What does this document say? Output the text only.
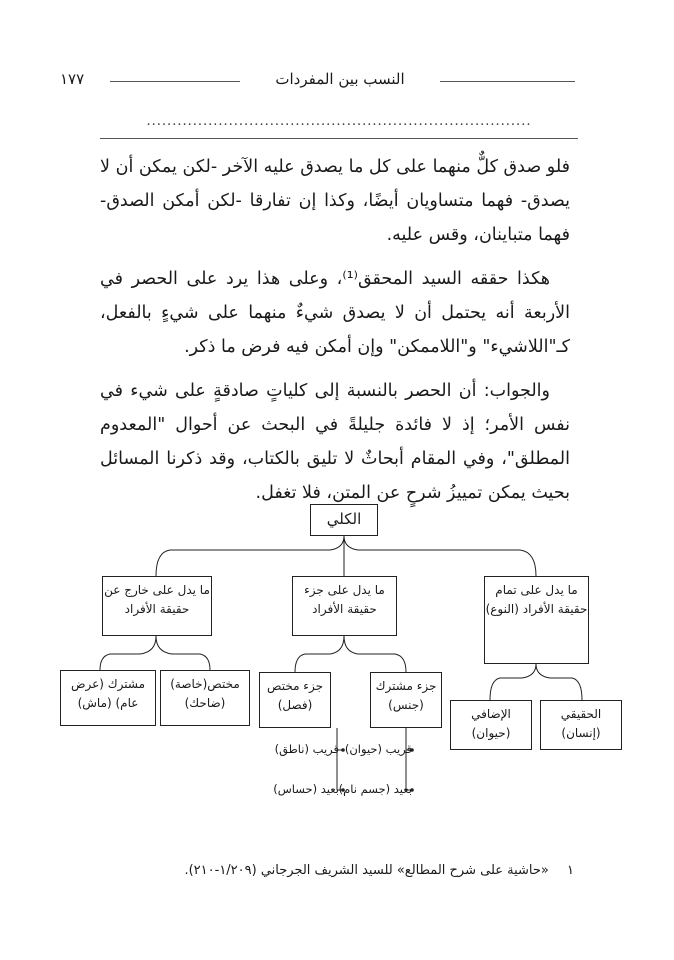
١٧٧	النسب بين المفردات
...........................................................................

فلو صدق كلٌّ منهما على كل ما يصدق عليه الآخر -لكن يمكن أن لا يصدق- فهما متساويان أيضًا، وكذا إن تفارقا -لكن أمكن الصدق- فهما متباينان، وقس عليه.

هكذا حققه السيد المحقق⁽¹⁾، وعلى هذا يرد على الحصر في الأربعة أنه يحتمل أن لا يصدق شيءٌ منهما على شيءٍ بالفعل، كـ"اللاشيء" و"اللاممكن" وإن أمكن فيه فرض ما ذكر.

والجواب: أن الحصر بالنسبة إلى كلياتٍ صادقةٍ على شيء في نفس الأمر؛ إذ لا فائدة جليلةً في البحث عن أحوال "المعدوم المطلق"، وفي المقام أبحاثٌ لا تليق بالكتاب، وقد ذكرنا المسائل بحيث يمكن تمييزُ شرحٍ عن المتن، فلا تغفل.

الكلي
ما يدل على تمام حقيقة الأفراد (النوع)
ما يدل على جزء حقيقة الأفراد
ما يدل على خارج عن حقيقة الأفراد
الحقيقي (إنسان)
الإضافي (حيوان)
جزء مشترك (جنس)
جزء مختص (فصل)
مختص(خاصة) (ضاحك)
مشترك (عرض عام) (ماش)
قريب (حيوان)
بعيد (جسم نام)
قريب (ناطق)
بعيد (حساس)
١ «حاشية على شرح المطالع» للسيد الشريف الجرجاني (١/٢٠٩-٢١٠).
